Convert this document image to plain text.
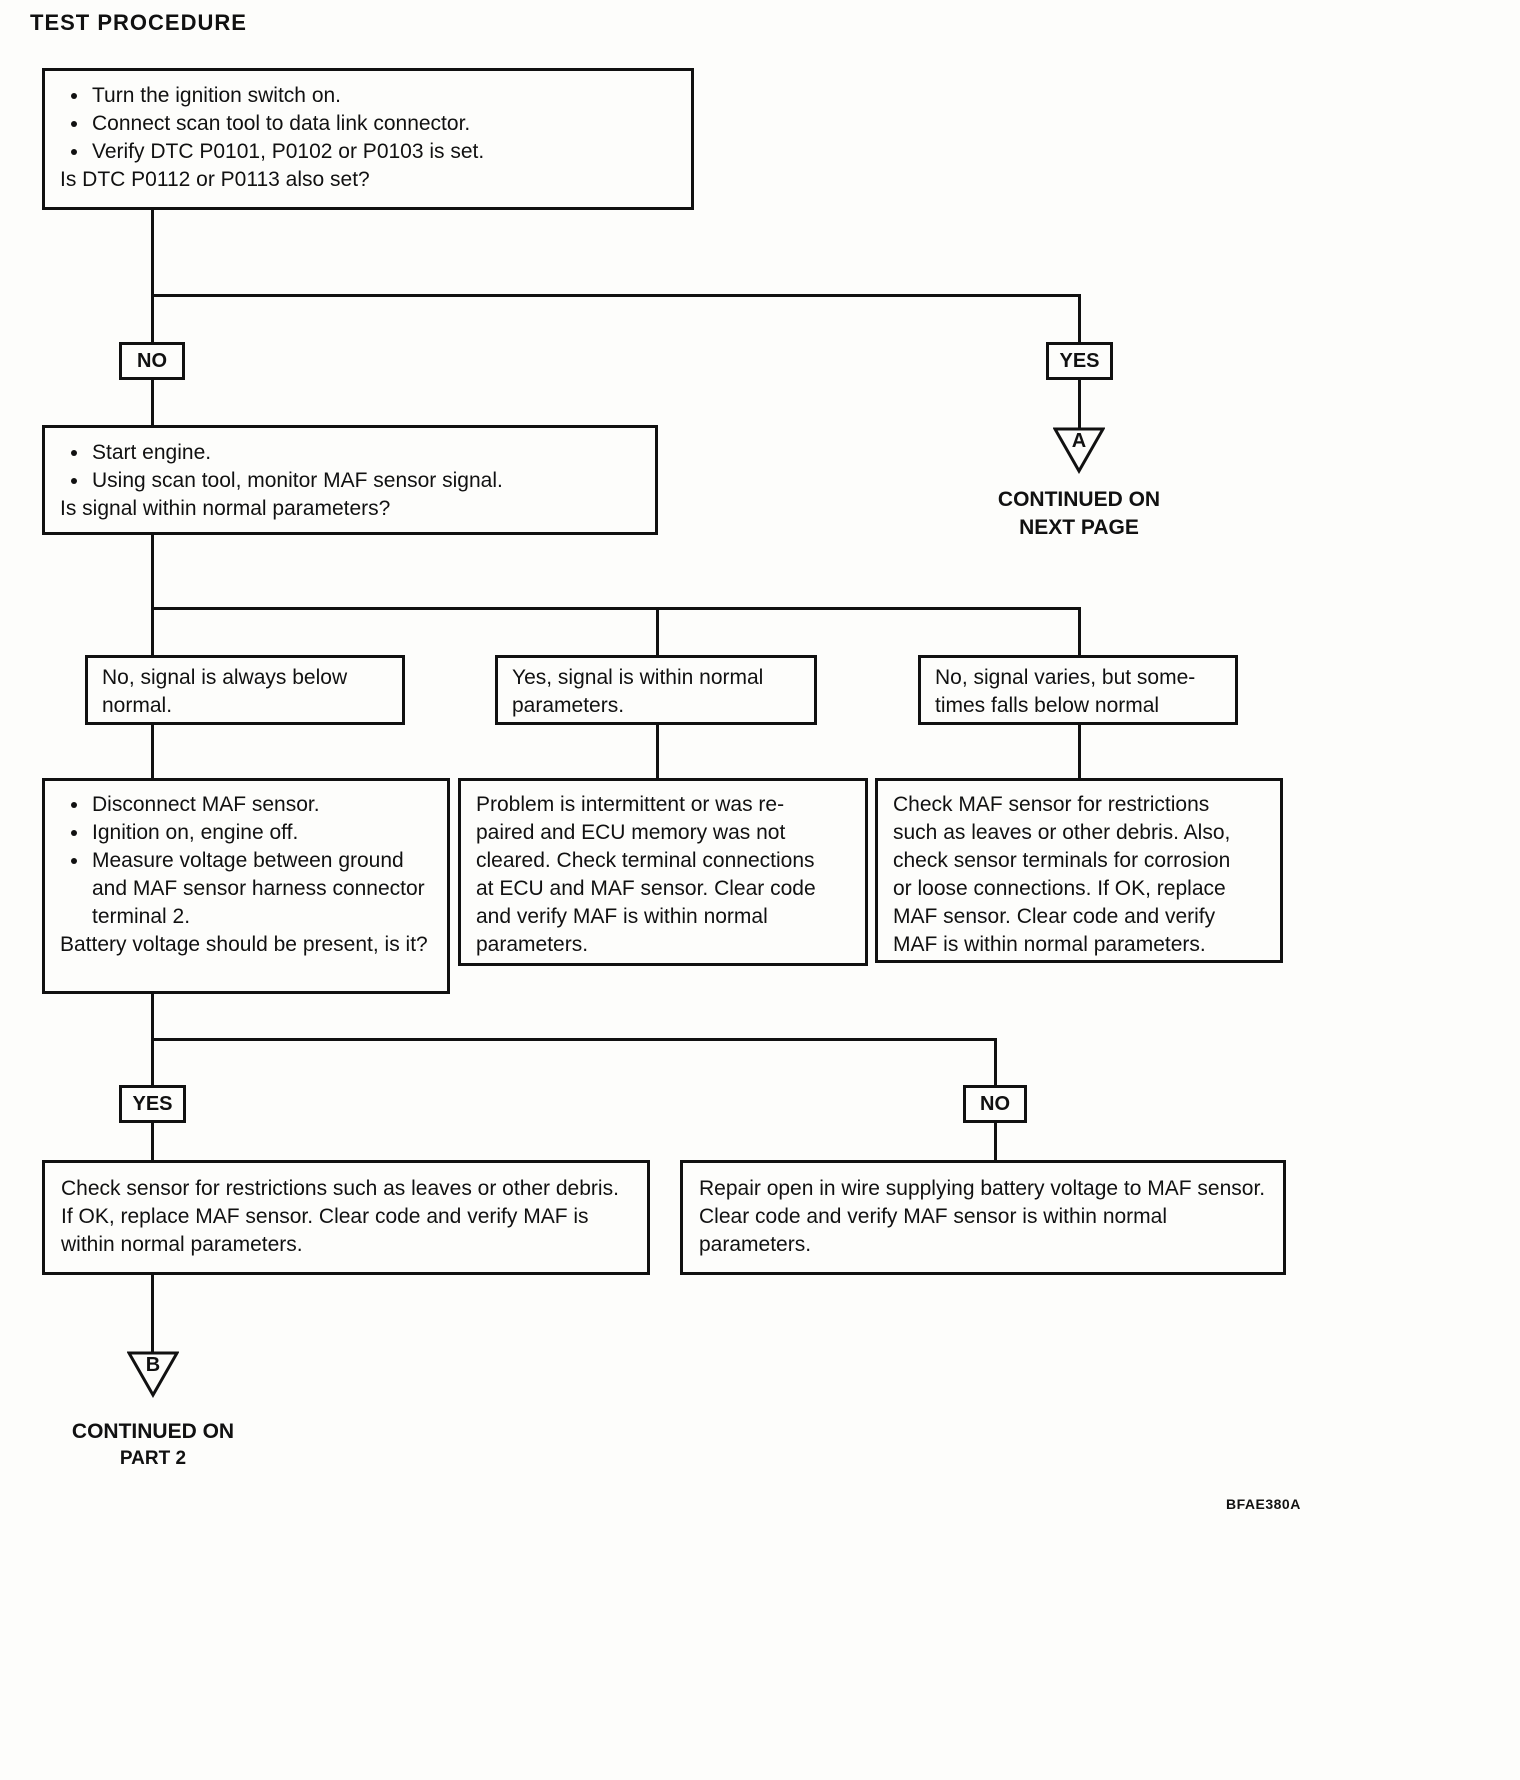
TEST PROCEDURE
• Turn the ignition switch on.
• Connect scan tool to data link connector.
• Verify DTC P0101, P0102 or P0103 is set.
Is DTC P0112 or P0113 also set?
NO	YES
A
CONTINUED ON
NEXT PAGE
• Start engine.
• Using scan tool, monitor MAF sensor signal.
Is signal within normal parameters?
No, signal is always below
normal.
Yes, signal is within normal
parameters.
No, signal varies, but some-
times falls below normal
• Disconnect MAF sensor.
• Ignition on, engine off.
• Measure voltage between ground and MAF sensor harness connector terminal 2.
Battery voltage should be present, is it?
Problem is intermittent or was re-
paired and ECU memory was not
cleared. Check terminal connections
at ECU and MAF sensor. Clear code
and verify MAF is within normal
parameters.
Check MAF sensor for restrictions
such as leaves or other debris. Also,
check sensor terminals for corrosion
or loose connections. If OK, replace
MAF sensor. Clear code and verify
MAF is within normal parameters.
YES	NO
Check sensor for restrictions such as leaves or other debris. If OK, replace MAF sensor. Clear code and verify MAF is within normal parameters.
Repair open in wire supplying battery voltage to MAF sensor. Clear code and verify MAF sensor is within normal parameters.
B
CONTINUED ON
PART 2
BFAE380A
